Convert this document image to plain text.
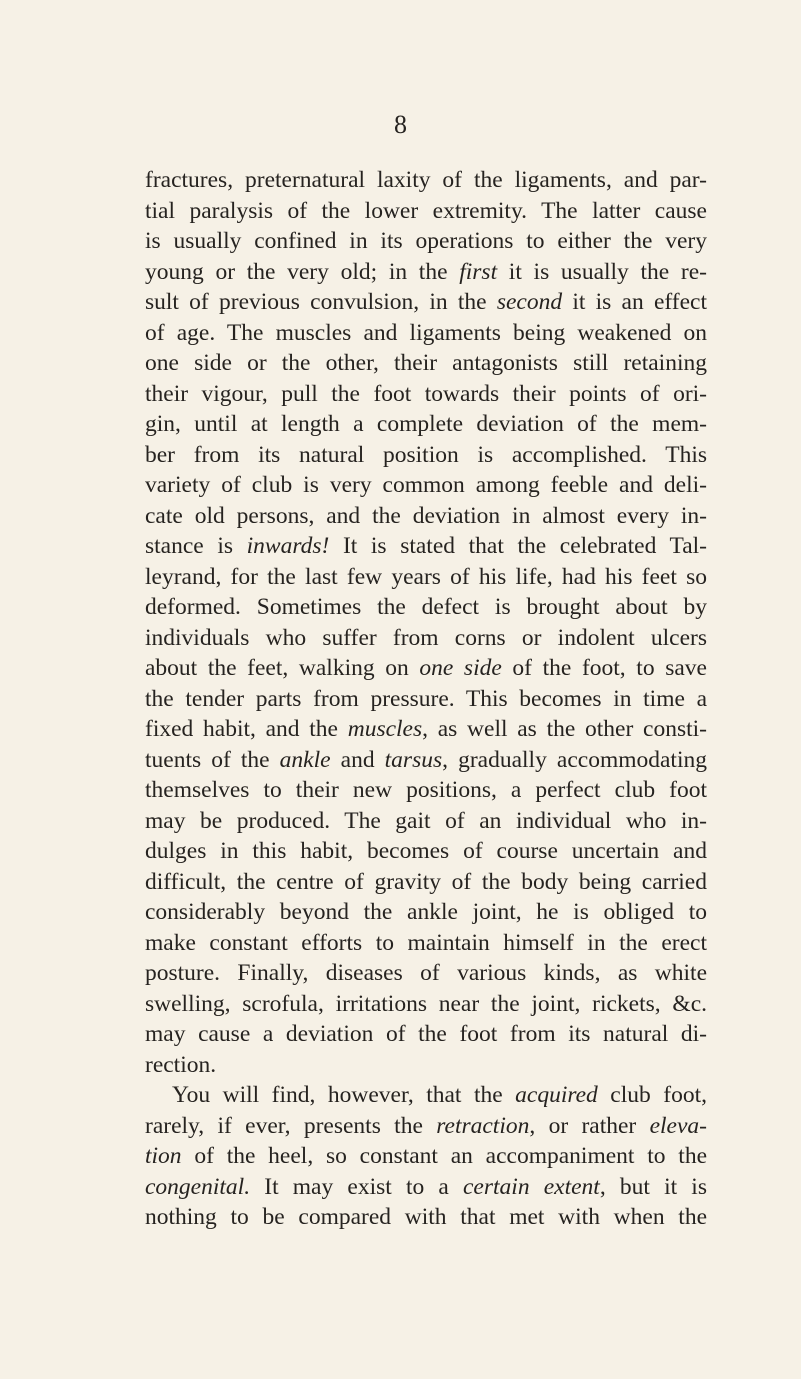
8
fractures, preternatural laxity of the ligaments, and par-
tial paralysis of the lower extremity. The latter cause
is usually confined in its operations to either the very
young or the very old; in the first it is usually the re-
sult of previous convulsion, in the second it is an effect
of age. The muscles and ligaments being weakened on
one side or the other, their antagonists still retaining
their vigour, pull the foot towards their points of ori-
gin, until at length a complete deviation of the mem-
ber from its natural position is accomplished. This
variety of club is very common among feeble and deli-
cate old persons, and the deviation in almost every in-
stance is inwards! It is stated that the celebrated Tal-
leyrand, for the last few years of his life, had his feet so
deformed. Sometimes the defect is brought about by
individuals who suffer from corns or indolent ulcers
about the feet, walking on one side of the foot, to save
the tender parts from pressure. This becomes in time a
fixed habit, and the muscles, as well as the other consti-
tuents of the ankle and tarsus, gradually accommodating
themselves to their new positions, a perfect club foot
may be produced. The gait of an individual who in-
dulges in this habit, becomes of course uncertain and
difficult, the centre of gravity of the body being carried
considerably beyond the ankle joint, he is obliged to
make constant efforts to maintain himself in the erect
posture. Finally, diseases of various kinds, as white
swelling, scrofula, irritations near the joint, rickets, &c.
may cause a deviation of the foot from its natural di-
rection.
You will find, however, that the acquired club foot,
rarely, if ever, presents the retraction, or rather eleva-
tion of the heel, so constant an accompaniment to the
congenital. It may exist to a certain extent, but it is
nothing to be compared with that met with when the
